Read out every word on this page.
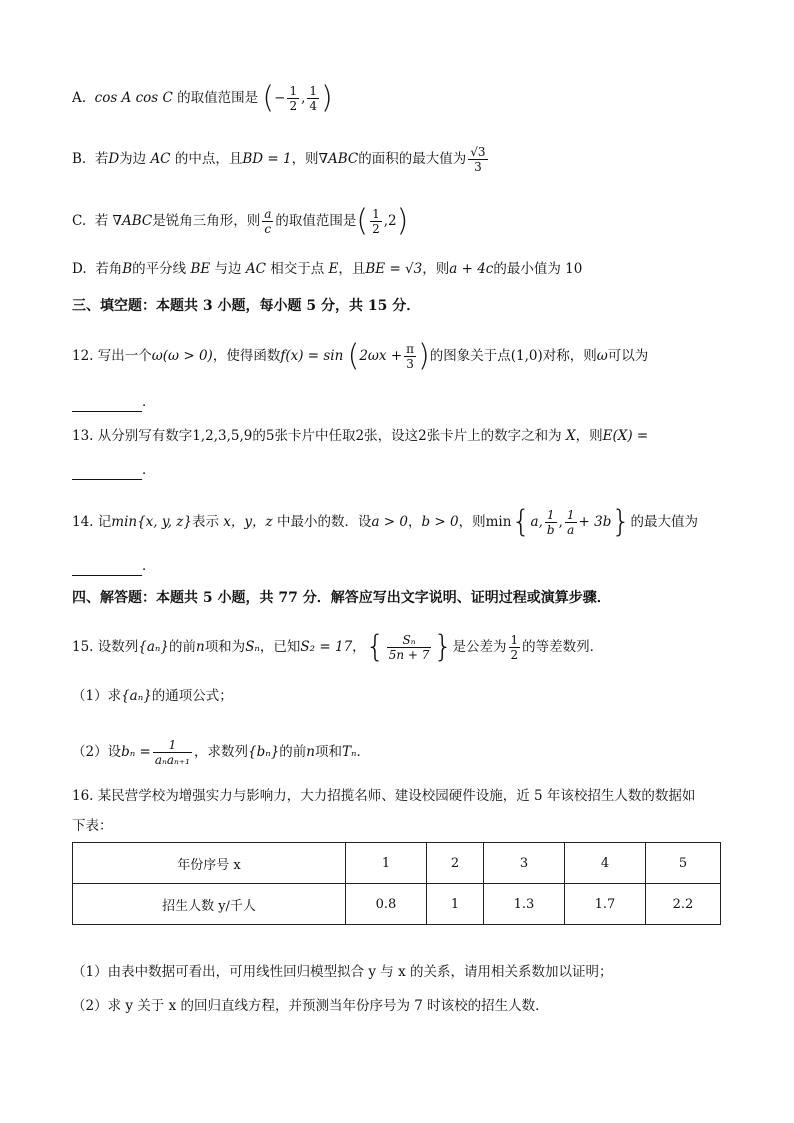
A. cos A cos C 的取值范围是 (− $\frac{1}{2}$ , $\frac{1}{4}$ )
B. 若D为边 AC 的中点，且BD = 1，则∇ABC的面积的最大值为 $\frac{√3}{3}$
C. 若 ∇ABC是锐角三角形，则 $\frac{a}{c}$ 的取值范围是( $\frac{1}{2} ,2$)
D. 若角B的平分线 BE 与边 AC 相交于点 E，且BE = √3，则a + 4c的最小值为 10
三、填空题：本题共 3 小题，每小题 5 分，共 15 分．
12. 写出一个ω(ω > 0)，使得函数$f(x) = \sin (2\omega x + \frac{\pi}{3}$ )的图象关于点(1,0)对称，则ω可以为
．
13. 从分别写有数字1,2,3,5,9的5张卡片中任取2张，设这2张卡片上的数字之和为 X，则E(X) =
．
14. 记min{x, y, z}表示 x，y，z 中最小的数．设a > 0，b > 0，则min{a, $\frac{1}{b}$ , $\frac{1}{a} + 3b$}的最大值为
．
四、解答题：本题共 5 小题，共 77 分．解答应写出文字说明、证明过程或演算步骤．
15. 设数列{aₙ}的前n项和为Sₙ，已知S₂ = 17，{ $\frac{\text{Sₙ}}{5n + 7}$ }是公差为 $\frac{1}{2}$ 的等差数列．
（1）求{aₙ}的通项公式；
（2）设$b_n = \frac{1}{\text{aₙaₙ₊₁}}$ ，求数列{bₙ}的前n项和Tₙ．
16. 某民营学校为增强实力与影响力，大力招揽名师、建设校园硬件设施，近 5 年该校招生人数的数据如
下表：
年份序号 x	1	2	3	4	5
招生人数 y/千人	0.8	1	1.3	1.7	2.2
（1）由表中数据可看出，可用线性回归模型拟合 y 与 x 的关系，请用相关系数加以证明；
（2）求 y 关于 x 的回归直线方程，并预测当年份序号为 7 时该校的招生人数．
